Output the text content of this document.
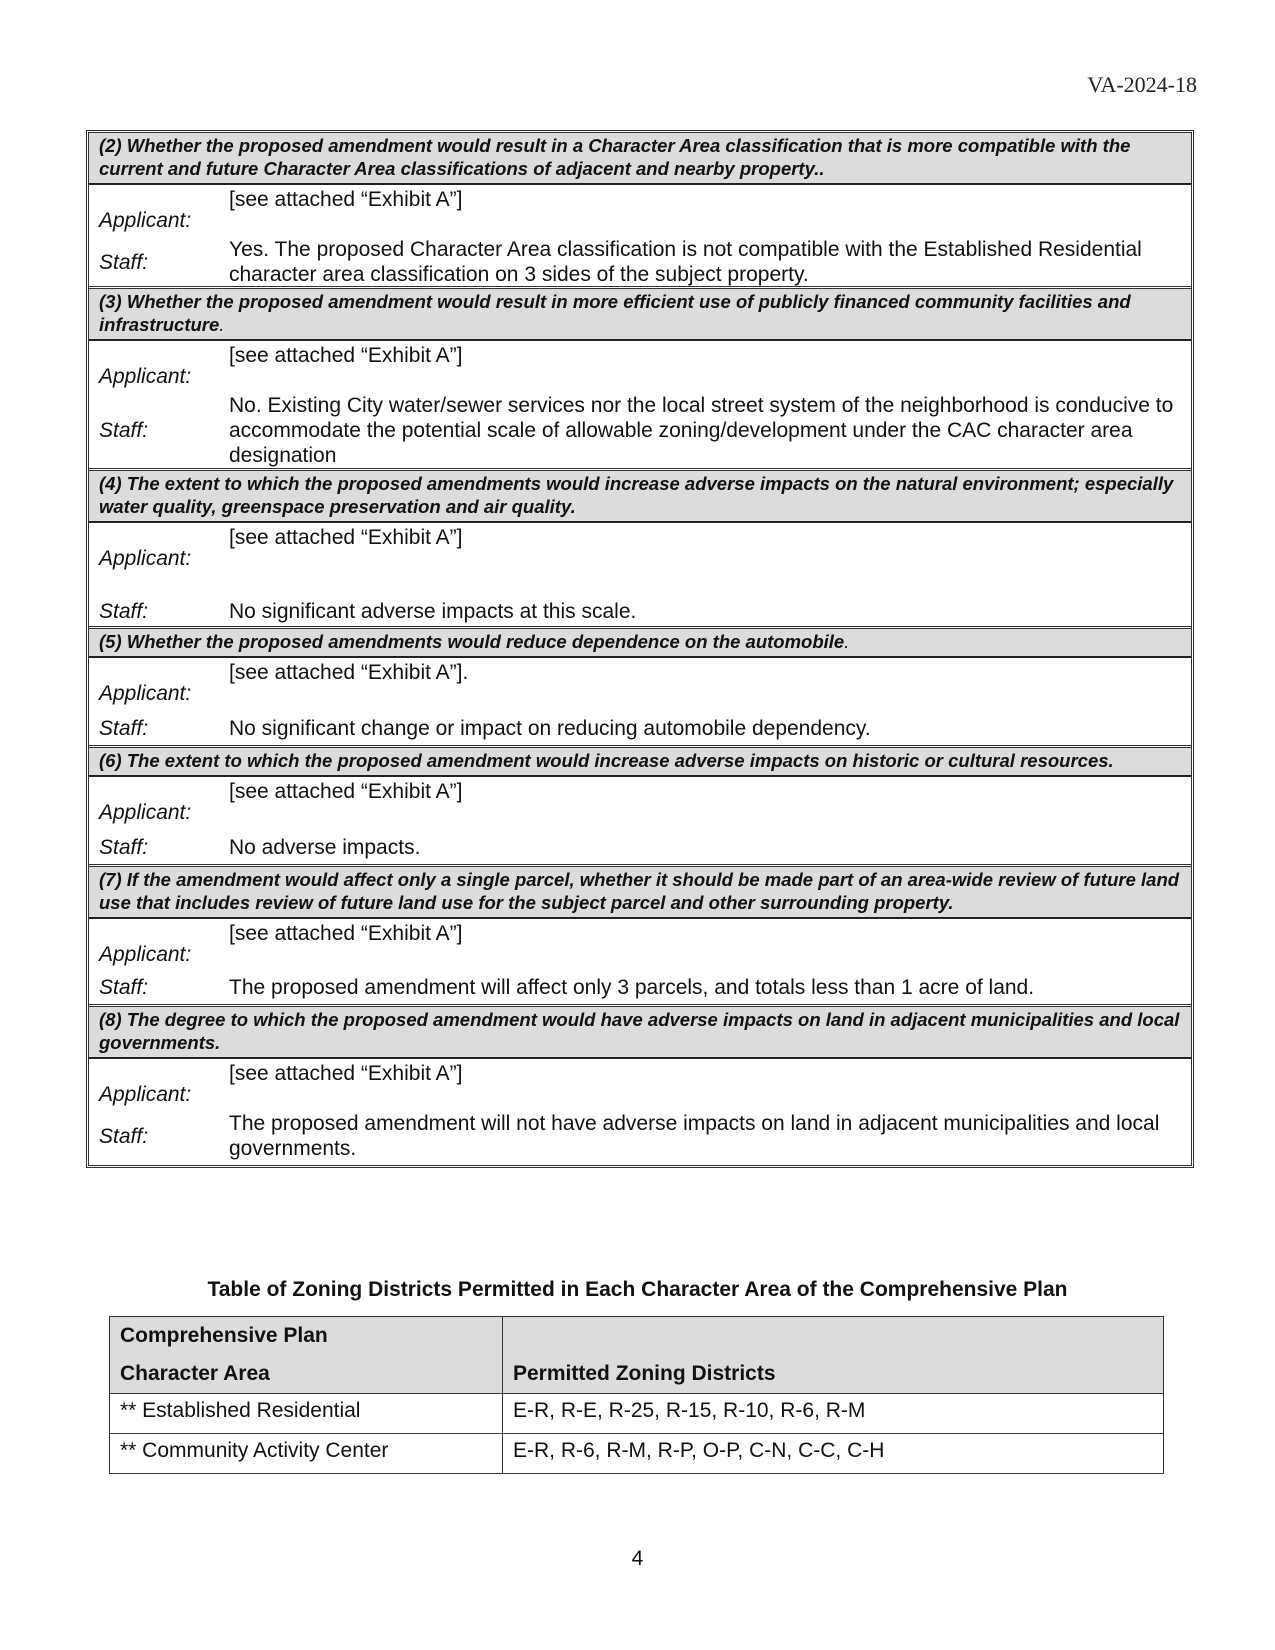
VA-2024-18
(2) Whether the proposed amendment would result in a Character Area classification that is more compatible with the current and future Character Area classifications of adjacent and nearby property..
Applicant:
[see attached “Exhibit A”]
Staff:
Yes. The proposed Character Area classification is not compatible with the Established Residential character area classification on 3 sides of the subject property.
(3) Whether the proposed amendment would result in more efficient use of publicly financed community facilities and infrastructure.
Applicant:
[see attached “Exhibit A”]
Staff:
No. Existing City water/sewer services nor the local street system of the neighborhood is conducive to accommodate the potential scale of allowable zoning/development under the CAC character area designation
(4) The extent to which the proposed amendments would increase adverse impacts on the natural environment; especially water quality, greenspace preservation and air quality.
Applicant:
[see attached “Exhibit A”]
Staff:	No significant adverse impacts at this scale.
(5) Whether the proposed amendments would reduce dependence on the automobile.
Applicant:
[see attached “Exhibit A”].
Staff:	No significant change or impact on reducing automobile dependency.
(6) The extent to which the proposed amendment would increase adverse impacts on historic or cultural resources.
Applicant:
[see attached “Exhibit A”]
Staff:	No adverse impacts.
(7) If the amendment would affect only a single parcel, whether it should be made part of an area-wide review of future land use that includes review of future land use for the subject parcel and other surrounding property.
Applicant:
[see attached “Exhibit A”]
Staff:	The proposed amendment will affect only 3 parcels, and totals less than 1 acre of land.
(8) The degree to which the proposed amendment would have adverse impacts on land in adjacent municipalities and local governments.
Applicant:
[see attached “Exhibit A”]
Staff:
The proposed amendment will not have adverse impacts on land in adjacent municipalities and local governments.
Table of Zoning Districts Permitted in Each Character Area of the Comprehensive Plan
Comprehensive Plan
Character Area	Permitted Zoning Districts

** Established Residential	E-R, R-E, R-25, R-15, R-10, R-6, R-M
** Community Activity Center	E-R, R-6, R-M, R-P, O-P, C-N, C-C, C-H
4
